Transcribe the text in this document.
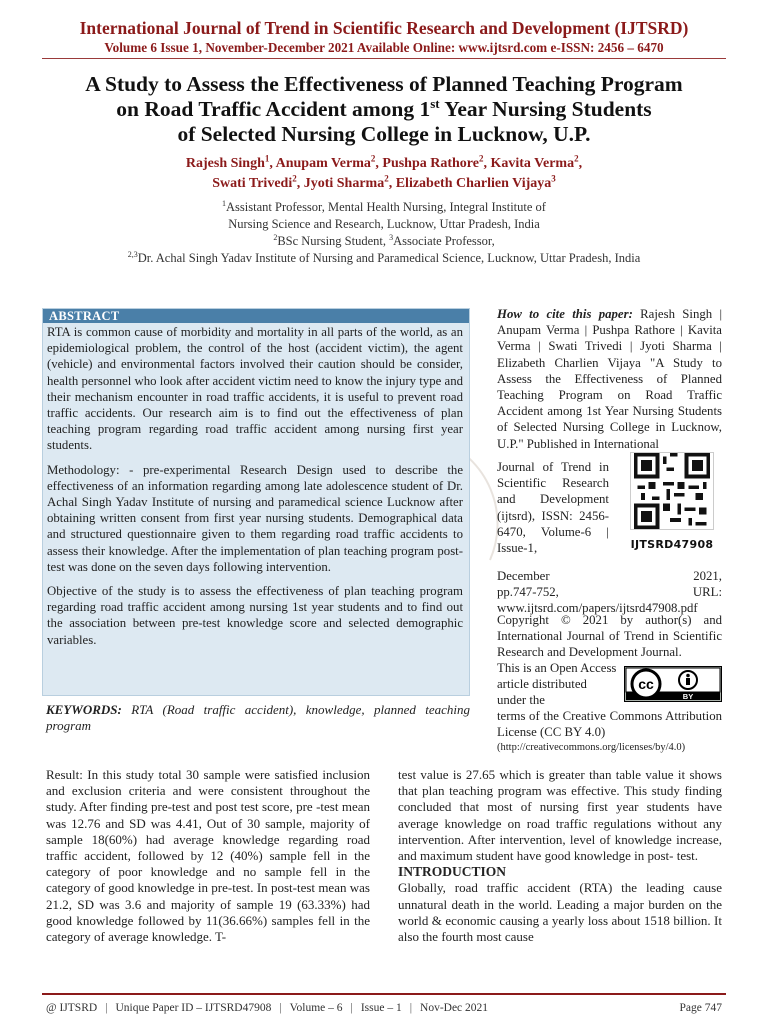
International Journal of Trend in Scientific Research and Development (IJTSRD)
Volume 6 Issue 1, November-December 2021 Available Online: www.ijtsrd.com e-ISSN: 2456 – 6470
A Study to Assess the Effectiveness of Planned Teaching Program
on Road Traffic Accident among 1st Year Nursing Students
of Selected Nursing College in Lucknow, U.P.
Rajesh Singh$^1$, Anupam Verma$^2$, Pushpa Rathore$^2$, Kavita Verma$^2$,
Swati Trivedi$^2$, Jyoti Sharma$^2$, Elizabeth Charlien Vijaya$^3$
$^1$Assistant Professor, Mental Health Nursing, Integral Institute of
Nursing Science and Research, Lucknow, Uttar Pradesh, India
$^2$BSc Nursing Student, $^3$Associate Professor,
$^{2,3}$Dr. Achal Singh Yadav Institute of Nursing and Paramedical Science, Lucknow, Uttar Pradesh, India
ABSTRACT

RTA is common cause of morbidity and mortality in all parts of the world, as an epidemiological problem, the control of the host (accident victim), the agent (vehicle) and environmental factors involved their caution should be consider, health personnel who look after accident victim need to know the injury type and their mechanism encounter in road traffic accidents, it is useful to prevent road traffic accidents. Our research aim is to find out the effectiveness of plan teaching program regarding road traffic accident among nursing first year students.

Methodology: - pre-experimental Research Design used to describe the effectiveness of an information regarding among late adolescence student of Dr. Achal Singh Yadav Institute of nursing and paramedical science Lucknow after obtaining written consent from first year nursing students. Demographical data and structured questionnaire given to them regarding road traffic accidents to assess their knowledge. After the implementation of plan teaching program post-test was done on the seven days following intervention.

Objective of the study is to assess the effectiveness of plan teaching program regarding road traffic accident among nursing 1st year students and to find out the association between pre-test knowledge score and selected demographic variables.

KEYWORDS: RTA (Road traffic accident), knowledge, planned teaching program
How to cite this paper: Rajesh Singh | Anupam Verma | Pushpa Rathore | Kavita Verma | Swati Trivedi | Jyoti Sharma | Elizabeth Charlien Vijaya "A Study to Assess the Effectiveness of Planned Teaching Program on Road Traffic Accident among 1st Year Nursing Students of Selected Nursing College in Lucknow, U.P." Published in International
Journal of Trend in Scientific Research and Development (ijtsrd), ISSN: 2456-6470, Volume-6 | Issue-1,	IJTSRD47908
December	2021,
pp.747-752,	URL:
www.ijtsrd.com/papers/ijtsrd47908.pdf
Copyright © 2021 by author(s) and International Journal of Trend in Scientific Research and Development Journal.
This is an Open Access article distributed under the
cc
BY
terms of the Creative Commons Attribution License (CC BY 4.0)
(http://creativecommons.org/licenses/by/4.0)
Result: In this study total 30 sample were satisfied inclusion and exclusion criteria and were consistent throughout the study. After finding pre-test and post test score, pre -test mean was 12.76 and SD was 4.41, Out of 30 sample, majority of sample 18(60%) had average knowledge regarding road traffic accident, followed by 12 (40%) sample fell in the category of poor knowledge and no sample fell in the category of good knowledge in pre-test. In post-test mean was 21.2, SD was 3.6 and majority of sample 19 (63.33%) had good knowledge followed by 11(36.66%) samples fell in the category of average knowledge. T-

test value is 27.65 which is greater than table value it shows that plan teaching program was effective. This study finding concluded that most of nursing first year students have average knowledge on road traffic regulations without any intervention. After intervention, level of knowledge increase, and maximum student have good knowledge in post- test.

INTRODUCTION

Globally, road traffic accident (RTA) the leading cause unnatural death in the world. Leading a major burden on the world & economic causing a yearly loss about 1518 billion. It also the fourth most cause

@ IJTSRD | Unique Paper ID – IJTSRD47908 | Volume – 6 | Issue – 1 | Nov-Dec 2021	Page 747
